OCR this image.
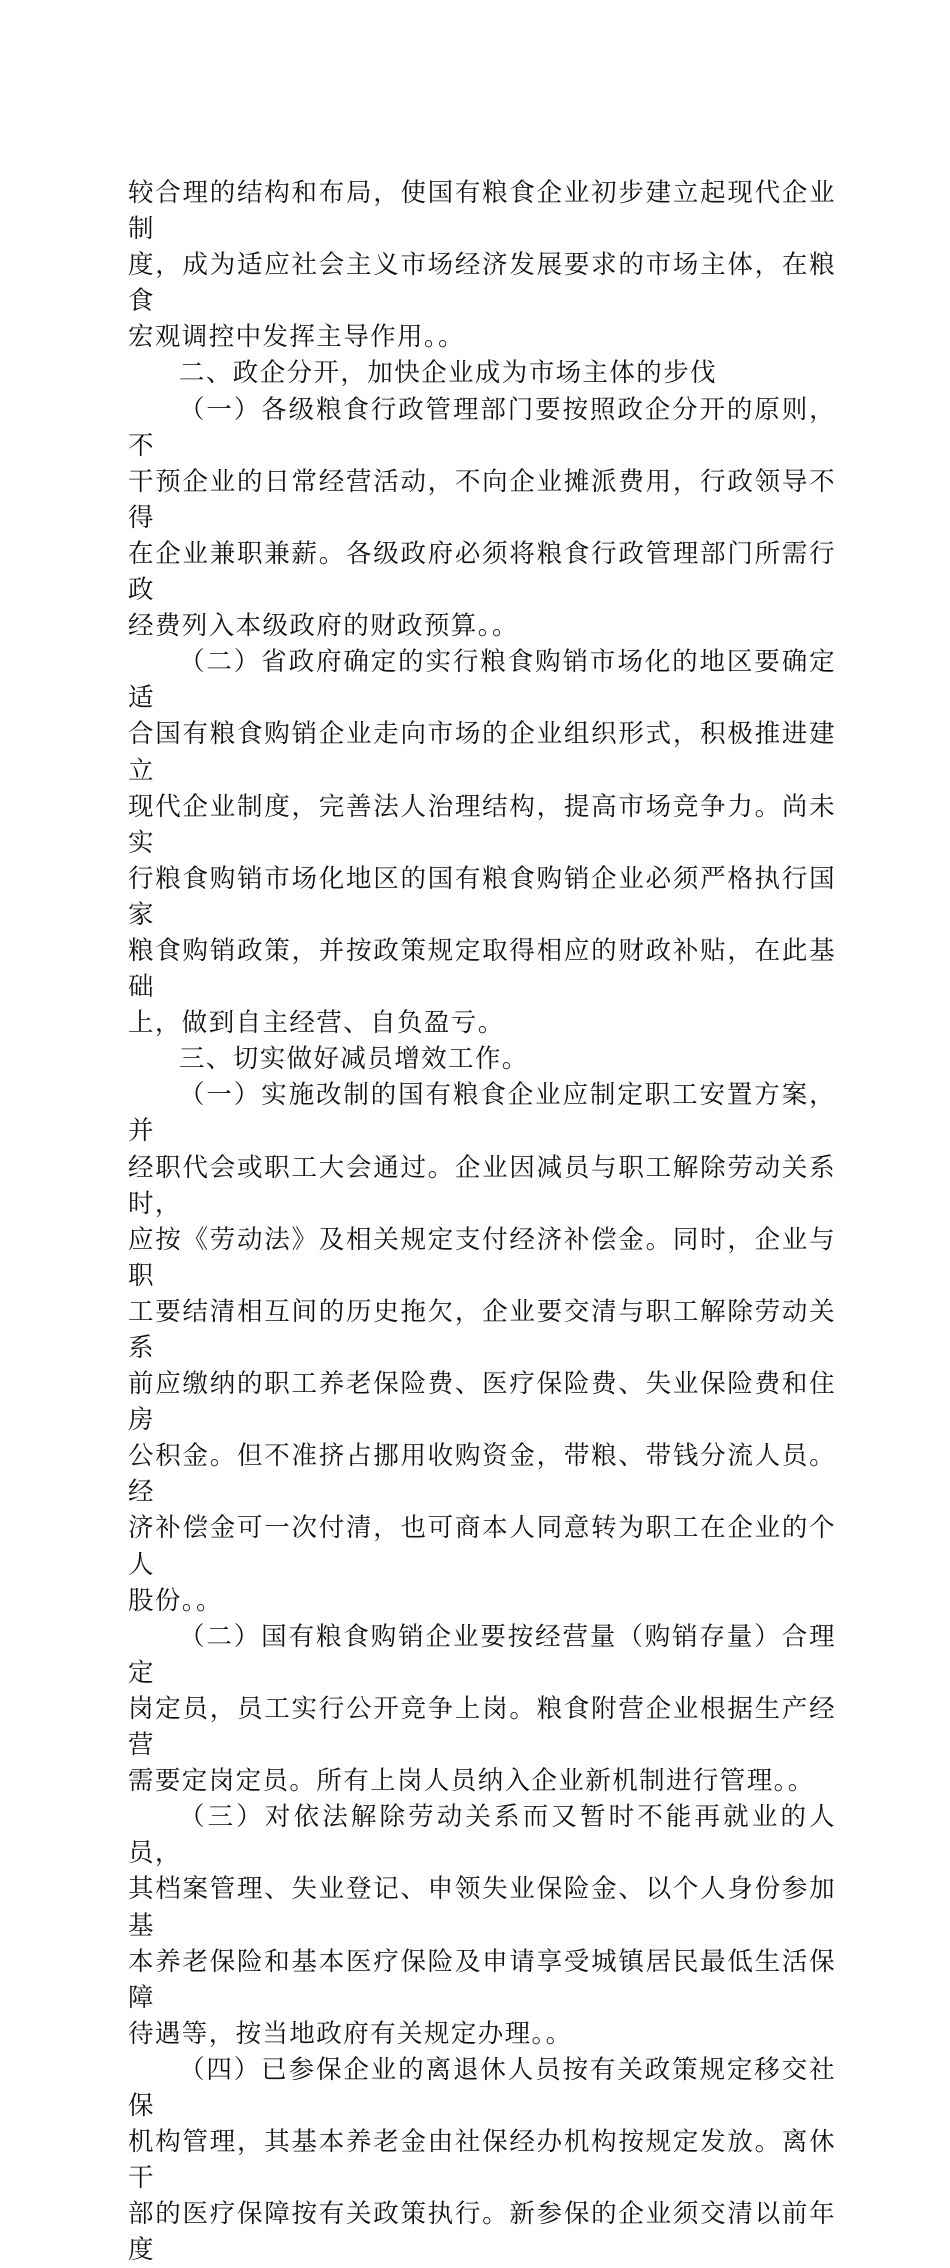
较合理的结构和布局，使国有粮食企业初步建立起现代企业制
度，成为适应社会主义市场经济发展要求的市场主体，在粮食
宏观调控中发挥主导作用。。

二、政企分开，加快企业成为市场主体的步伐

（一）各级粮食行政管理部门要按照政企分开的原则，不
干预企业的日常经营活动，不向企业摊派费用，行政领导不得
在企业兼职兼薪。各级政府必须将粮食行政管理部门所需行政
经费列入本级政府的财政预算。。

（二）省政府确定的实行粮食购销市场化的地区要确定适
合国有粮食购销企业走向市场的企业组织形式，积极推进建立
现代企业制度，完善法人治理结构，提高市场竞争力。尚未实
行粮食购销市场化地区的国有粮食购销企业必须严格执行国家
粮食购销政策，并按政策规定取得相应的财政补贴，在此基础
上，做到自主经营、自负盈亏。

三、切实做好减员增效工作。

（一）实施改制的国有粮食企业应制定职工安置方案，并
经职代会或职工大会通过。企业因减员与职工解除劳动关系时，
应按《劳动法》及相关规定支付经济补偿金。同时，企业与职
工要结清相互间的历史拖欠，企业要交清与职工解除劳动关系
前应缴纳的职工养老保险费、医疗保险费、失业保险费和住房
公积金。但不准挤占挪用收购资金，带粮、带钱分流人员。经
济补偿金可一次付清，也可商本人同意转为职工在企业的个人
股份。。

（二）国有粮食购销企业要按经营量（购销存量）合理定
岗定员，员工实行公开竞争上岗。粮食附营企业根据生产经营
需要定岗定员。所有上岗人员纳入企业新机制进行管理。。

（三）对依法解除劳动关系而又暂时不能再就业的人员，
其档案管理、失业登记、申领失业保险金、以个人身份参加基
本养老保险和基本医疗保险及申请享受城镇居民最低生活保障
待遇等，按当地政府有关规定办理。。

（四）已参保企业的离退休人员按有关政策规定移交社保
机构管理，其基本养老金由社保经办机构按规定发放。离休干
部的医疗保障按有关政策执行。新参保的企业须交清以前年度
